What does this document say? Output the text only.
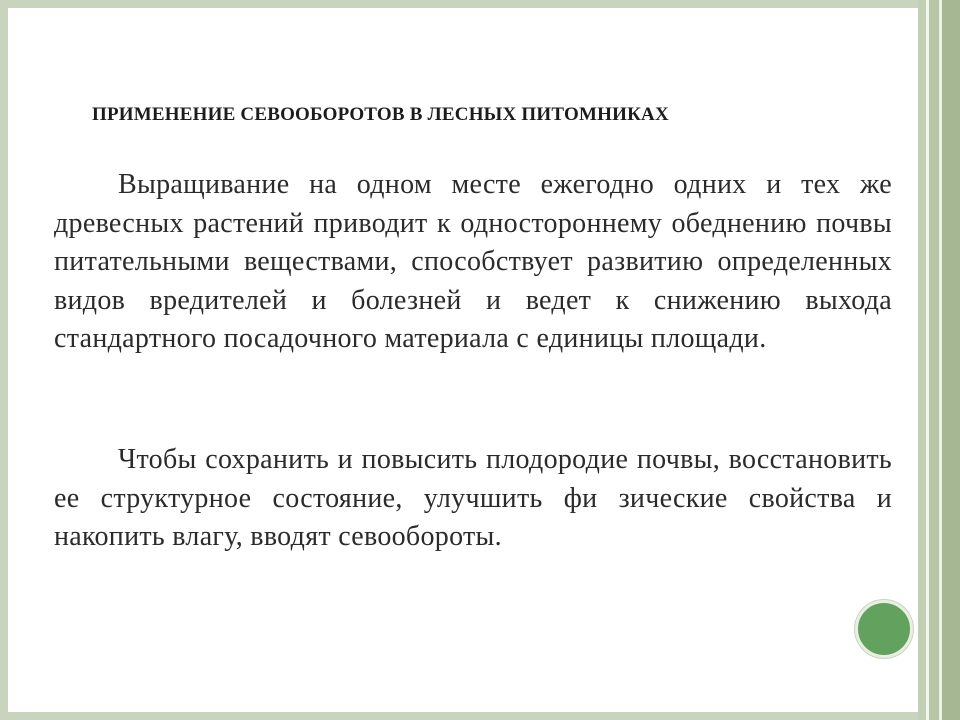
ПРИМЕНЕНИЕ СЕВООБОРОТОВ В ЛЕСНЫХ ПИТОМНИКАХ

Выращивание на одном месте ежегодно одних и тех же древесных растений приводит к одностороннему обеднению почвы питательными веществами, способствует развитию определенных видов вредителей и болезней и ведет к снижению выхода стандартного посадочного материала с единицы площади.

Чтобы сохранить и повысить плодородие почвы, восстановить ее структурное состояние, улучшить фи зические свойства и накопить влагу, вводят севообороты.
